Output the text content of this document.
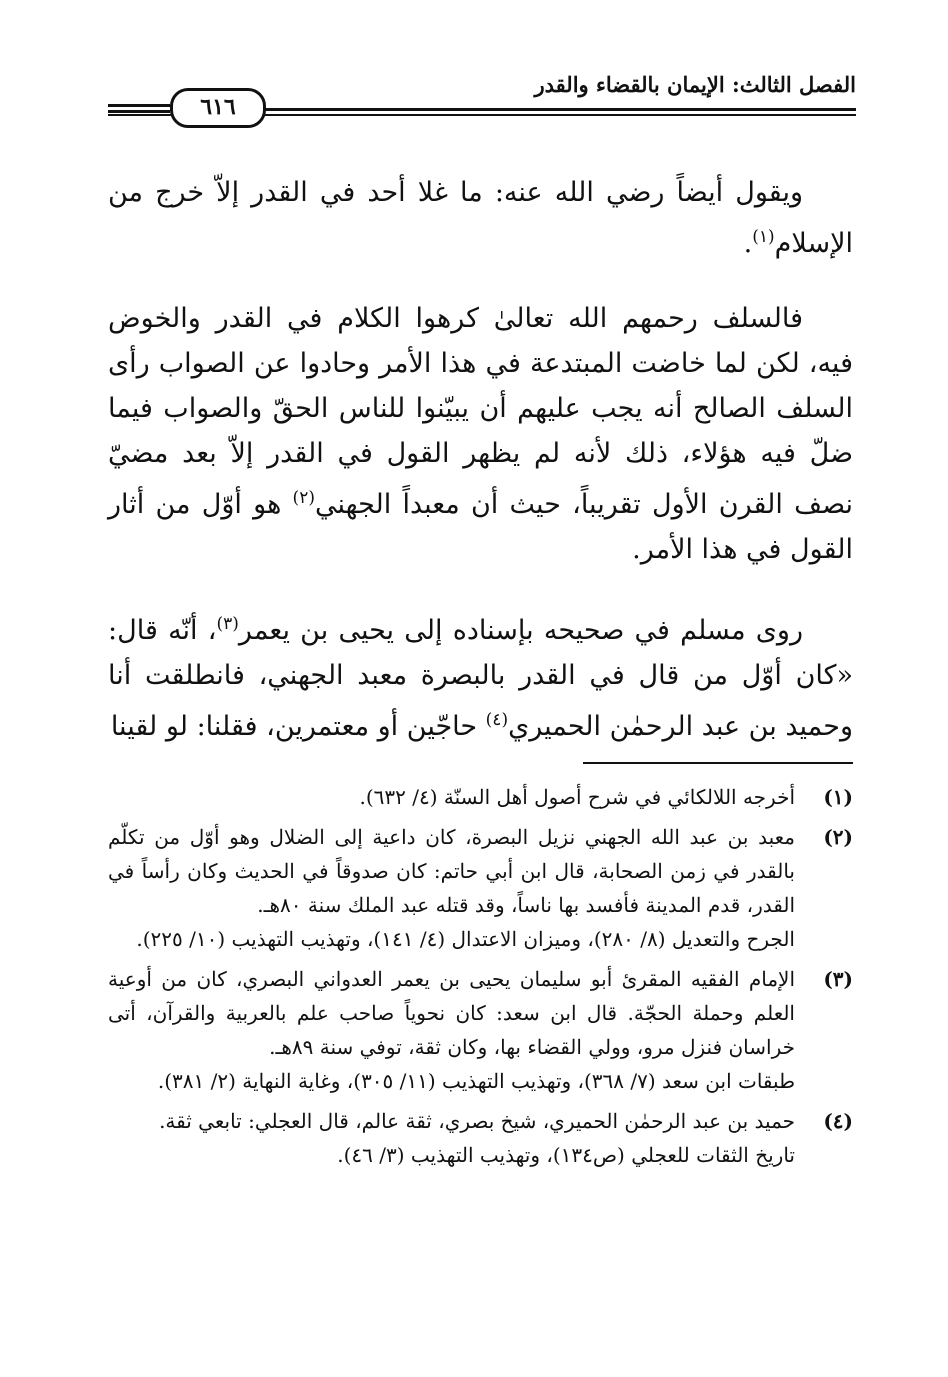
الفصل الثالث: الإيمان بالقضاء والقدر
٦١٦

ويقول أيضاً رضي الله عنه: ما غلا أحد في القدر إلاّ خرج من الإسلام$^{(١)}$.

فالسلف رحمهم الله تعالىٰ كرهوا الكلام في القدر والخوض فيه، لكن لما خاضت المبتدعة في هذا الأمر وحادوا عن الصواب رأى السلف الصالح أنه يجب عليهم أن يبيّنوا للناس الحقّ والصواب فيما ضلّ فيه هؤلاء، ذلك لأنه لم يظهر القول في القدر إلاّ بعد مضيّ نصف القرن الأول تقريباً، حيث أن معبداً الجهني$^{(٢)}$ هو أوّل من أثار القول في هذا الأمر.

روى مسلم في صحيحه بإسناده إلى يحيى بن يعمر$^{(٣)}$، أنّه قال: «كان أوّل من قال في القدر بالبصرة معبد الجهني، فانطلقت أنا وحميد بن عبد الرحمٰن الحميري$^{(٤)}$ حاجّين أو معتمرين، فقلنا: لو لقينا

(١)
أخرجه اللالكائي في شرح أصول أهل السنّة (٤/ ٦٣٢).
(٢)
معبد بن عبد الله الجهني نزيل البصرة، كان داعية إلى الضلال وهو أوّل من تكلّم بالقدر في زمن الصحابة، قال ابن أبي حاتم: كان صدوقاً في الحديث وكان رأساً في القدر، قدم المدينة فأفسد بها ناساً، وقد قتله عبد الملك سنة ٨٠هـ.
الجرح والتعديل (٨/ ٢٨٠)، وميزان الاعتدال (٤/ ١٤١)، وتهذيب التهذيب (١٠/ ٢٢٥).
(٣)
الإمام الفقيه المقرئ أبو سليمان يحيى بن يعمر العدواني البصري، كان من أوعية العلم وحملة الحجّة. قال ابن سعد: كان نحوياً صاحب علم بالعربية والقرآن، أتى خراسان فنزل مرو، وولي القضاء بها، وكان ثقة، توفي سنة ٨٩هـ.
طبقات ابن سعد (٧/ ٣٦٨)، وتهذيب التهذيب (١١/ ٣٠٥)، وغاية النهاية (٢/ ٣٨١).
(٤)
حميد بن عبد الرحمٰن الحميري، شيخ بصري، ثقة عالم، قال العجلي: تابعي ثقة.
تاريخ الثقات للعجلي (ص١٣٤)، وتهذيب التهذيب (٣/ ٤٦).
